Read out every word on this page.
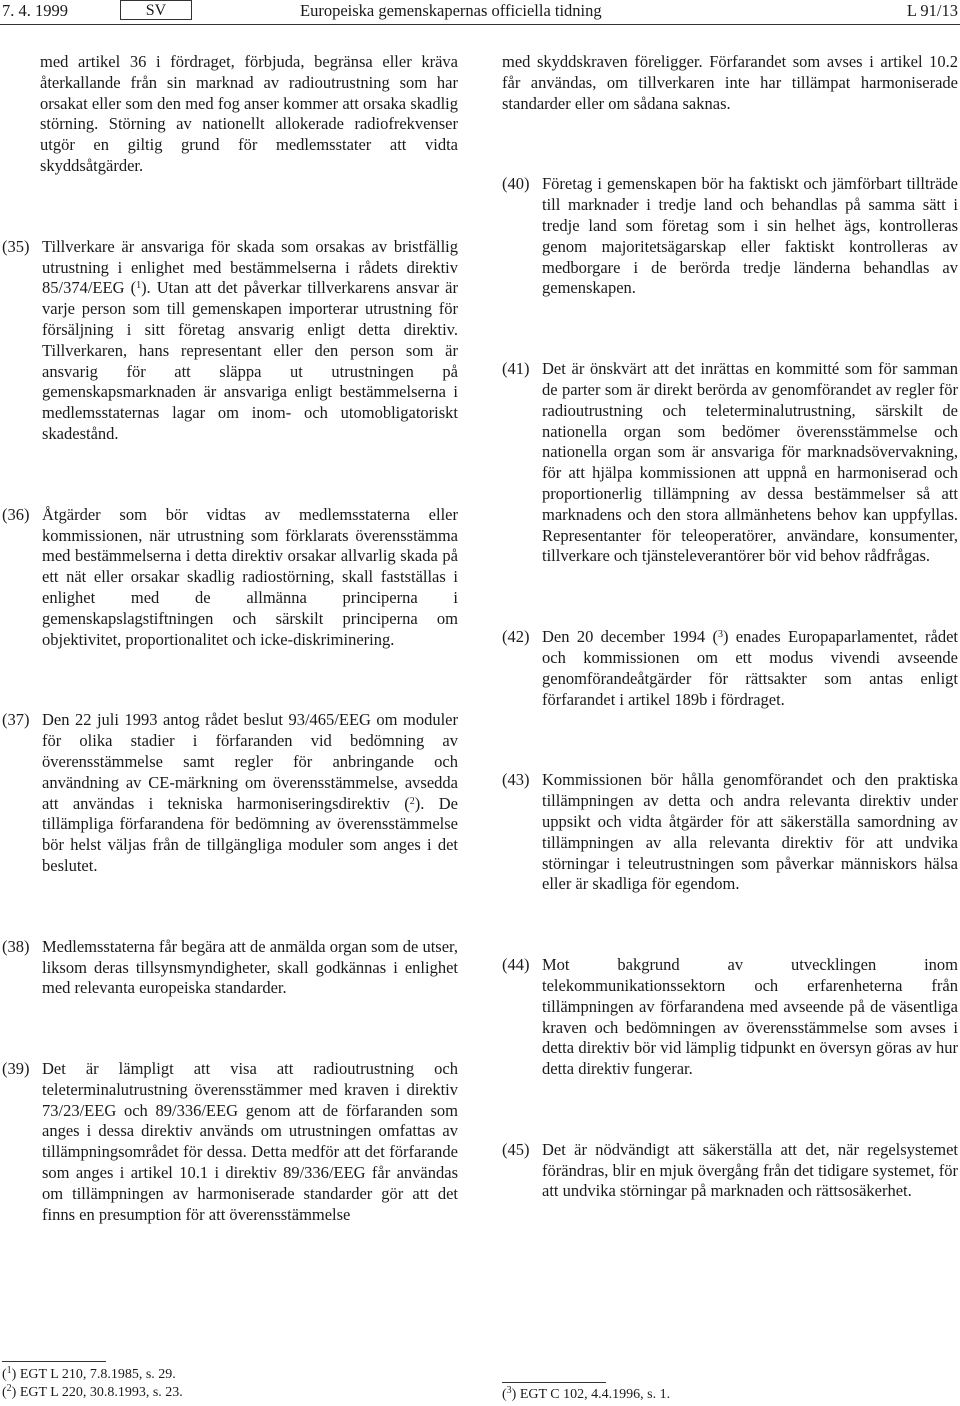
7. 4. 1999	SV	Europeiska gemenskapernas officiella tidning	L 91/13

med artikel 36 i fördraget, förbjuda, begränsa eller kräva återkallande från sin marknad av radioutrustning som har orsakat eller som den med fog anser kommer att orsaka skadlig störning. Störning av nationellt allokerade radiofrekvenser utgör en giltig grund för medlemsstater att vidta skyddsåtgärder.

(35) Tillverkare är ansvariga för skada som orsakas av bristfällig utrustning i enlighet med bestämmelserna i rådets direktiv 85/374/EEG ($^1$). Utan att det påverkar tillverkarens ansvar är varje person som till gemenskapen importerar utrustning för försäljning i sitt företag ansvarig enligt detta direktiv. Tillverkaren, hans representant eller den person som är ansvarig för att släppa ut utrustningen på gemenskapsmarknaden är ansvariga enligt bestämmelserna i medlemsstaternas lagar om inom- och utomobligatoriskt skadestånd.

(36) Åtgärder som bör vidtas av medlemsstaterna eller kommissionen, när utrustning som förklarats överensstämma med bestämmelserna i detta direktiv orsakar allvarlig skada på ett nät eller orsakar skadlig radiostörning, skall fastställas i enlighet med de allmänna principerna i gemenskapslagstiftningen och särskilt principerna om objektivitet, proportionalitet och icke-diskriminering.

(37) Den 22 juli 1993 antog rådet beslut 93/465/EEG om moduler för olika stadier i förfaranden vid bedömning av överensstämmelse samt regler för anbringande och användning av CE-märkning om överensstämmelse, avsedda att användas i tekniska harmoniseringsdirektiv ($^2$). De tillämpliga förfarandena för bedömning av överensstämmelse bör helst väljas från de tillgängliga moduler som anges i det beslutet.

(38) Medlemsstaterna får begära att de anmälda organ som de utser, liksom deras tillsynsmyndigheter, skall godkännas i enlighet med relevanta europeiska standarder.

(39) Det är lämpligt att visa att radioutrustning och teleterminalutrustning överensstämmer med kraven i direktiv 73/23/EEG och 89/336/EEG genom att de förfaranden som anges i dessa direktiv används om utrustningen omfattas av tillämpningsområdet för dessa. Detta medför att det förfarande som anges i artikel 10.1 i direktiv 89/336/EEG får användas om tillämpningen av harmoniserade standarder gör att det finns en presumption för att överensstämmelse

($^1$) EGT L 210, 7.8.1985, s. 29.
($^2$) EGT L 220, 30.8.1993, s. 23.

med skyddskraven föreligger. Förfarandet som avses i artikel 10.2 får användas, om tillverkaren inte har tillämpat harmoniserade standarder eller om sådana saknas.

(40) Företag i gemenskapen bör ha faktiskt och jämförbart tillträde till marknader i tredje land och behandlas på samma sätt i tredje land som företag som i sin helhet ägs, kontrolleras genom majoritetsägarskap eller faktiskt kontrolleras av medborgare i de berörda tredje länderna behandlas av gemenskapen.

(41) Det är önskvärt att det inrättas en kommitté som för samman de parter som är direkt berörda av genomförandet av regler för radioutrustning och teleterminalutrustning, särskilt de nationella organ som bedömer överensstämmelse och nationella organ som är ansvariga för marknadsövervakning, för att hjälpa kommissionen att uppnå en harmoniserad och proportionerlig tillämpning av dessa bestämmelser så att marknadens och den stora allmänhetens behov kan uppfyllas. Representanter för teleoperatörer, användare, konsumenter, tillverkare och tjänsteleverantörer bör vid behov rådfrågas.

(42) Den 20 december 1994 ($^3$) enades Europaparlamentet, rådet och kommissionen om ett modus vivendi avseende genomförandeåtgärder för rättsakter som antas enligt förfarandet i artikel 189b i fördraget.

(43) Kommissionen bör hålla genomförandet och den praktiska tillämpningen av detta och andra relevanta direktiv under uppsikt och vidta åtgärder för att säkerställa samordning av tillämpningen av alla relevanta direktiv för att undvika störningar i teleutrustningen som påverkar människors hälsa eller är skadliga för egendom.

(44) Mot bakgrund av utvecklingen inom telekommunikationssektorn och erfarenheterna från tillämpningen av förfarandena med avseende på de väsentliga kraven och bedömningen av överensstämmelse som avses i detta direktiv bör vid lämplig tidpunkt en översyn göras av hur detta direktiv fungerar.

(45) Det är nödvändigt att säkerställa att det, när regelsystemet förändras, blir en mjuk övergång från det tidigare systemet, för att undvika störningar på marknaden och rättsosäkerhet.

($^3$) EGT C 102, 4.4.1996, s. 1.
